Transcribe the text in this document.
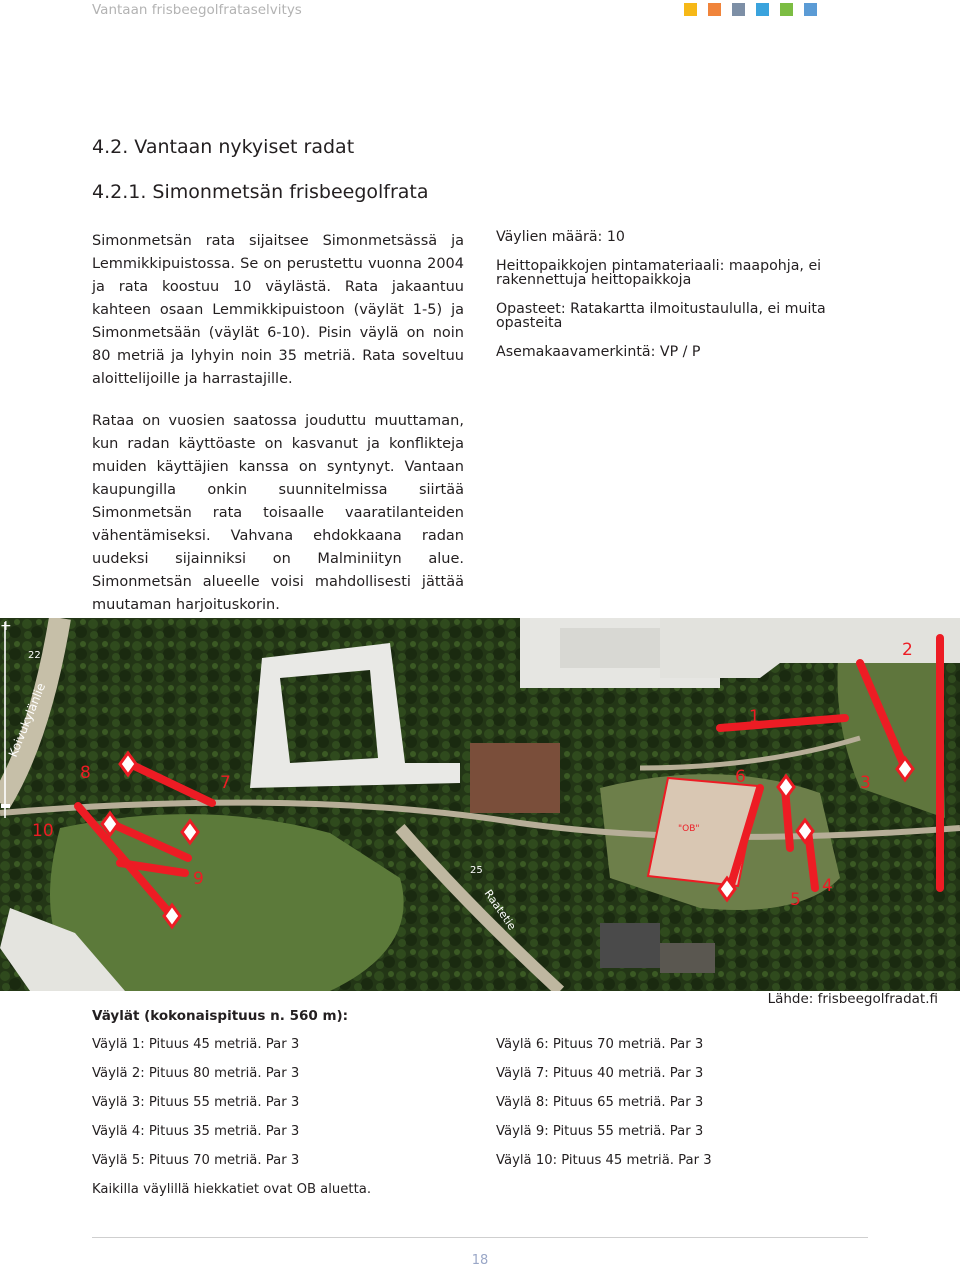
Vantaan frisbeegolfrataselvitys
4.2. Vantaan nykyiset radat
4.2.1. Simonmetsän frisbeegolfrata

Simonmetsän rata sijaitsee Simonmetsässä ja Lemmikkipuistossa. Se on perustettu vuonna 2004 ja rata koostuu 10 väylästä. Rata jakaantuu kahteen osaan Lemmikkipuistoon (väylät 1-5) ja Simonmetsään (väylät 6-10). Pisin väylä on noin 80 metriä ja lyhyin noin 35 metriä. Rata soveltuu aloittelijoille ja harrastajille.

Rataa on vuosien saatossa jouduttu muuttaman, kun radan käyttöaste on kasvanut ja konflikteja muiden käyttäjien kanssa on syntynyt. Vantaan kaupungilla onkin suunnitelmissa siirtää Simonmetsän rata toisaalle vaaratilanteiden vähentämiseksi. Vahvana ehdokkaana radan uudeksi sijainniksi on Malminiityn alue. Simonmetsän alueelle voisi mahdollisesti jättää muutaman harjoituskorin.

Väylien määrä: 10

Heittopaikkojen pintamateriaali: maapohja, ei rakennettuja heittopaikkoja

Opasteet: Ratakartta ilmoitustaululla, ei muita opasteita

Asemakaavamerkintä: VP / P

1
2
3
4
5
6
7
8
9
10	"OB"
Koivukylänlie
Raatetie
22
25
+
Lähde: frisbeegolfradat.fi
Väylät (kokonaispituus n. 560 m):
Väylä 1: Pituus 45 metriä. Par 3
Väylä 2: Pituus 80 metriä. Par 3
Väylä 3: Pituus 55 metriä. Par 3
Väylä 4: Pituus 35 metriä. Par 3
Väylä 5: Pituus 70 metriä. Par 3
Väylä 6: Pituus 70 metriä. Par 3
Väylä 7: Pituus 40 metriä. Par 3
Väylä 8: Pituus 65 metriä. Par 3
Väylä 9: Pituus 55 metriä. Par 3
Väylä 10: Pituus 45 metriä. Par 3
Kaikilla väylillä hiekkatiet ovat OB aluetta.
18
